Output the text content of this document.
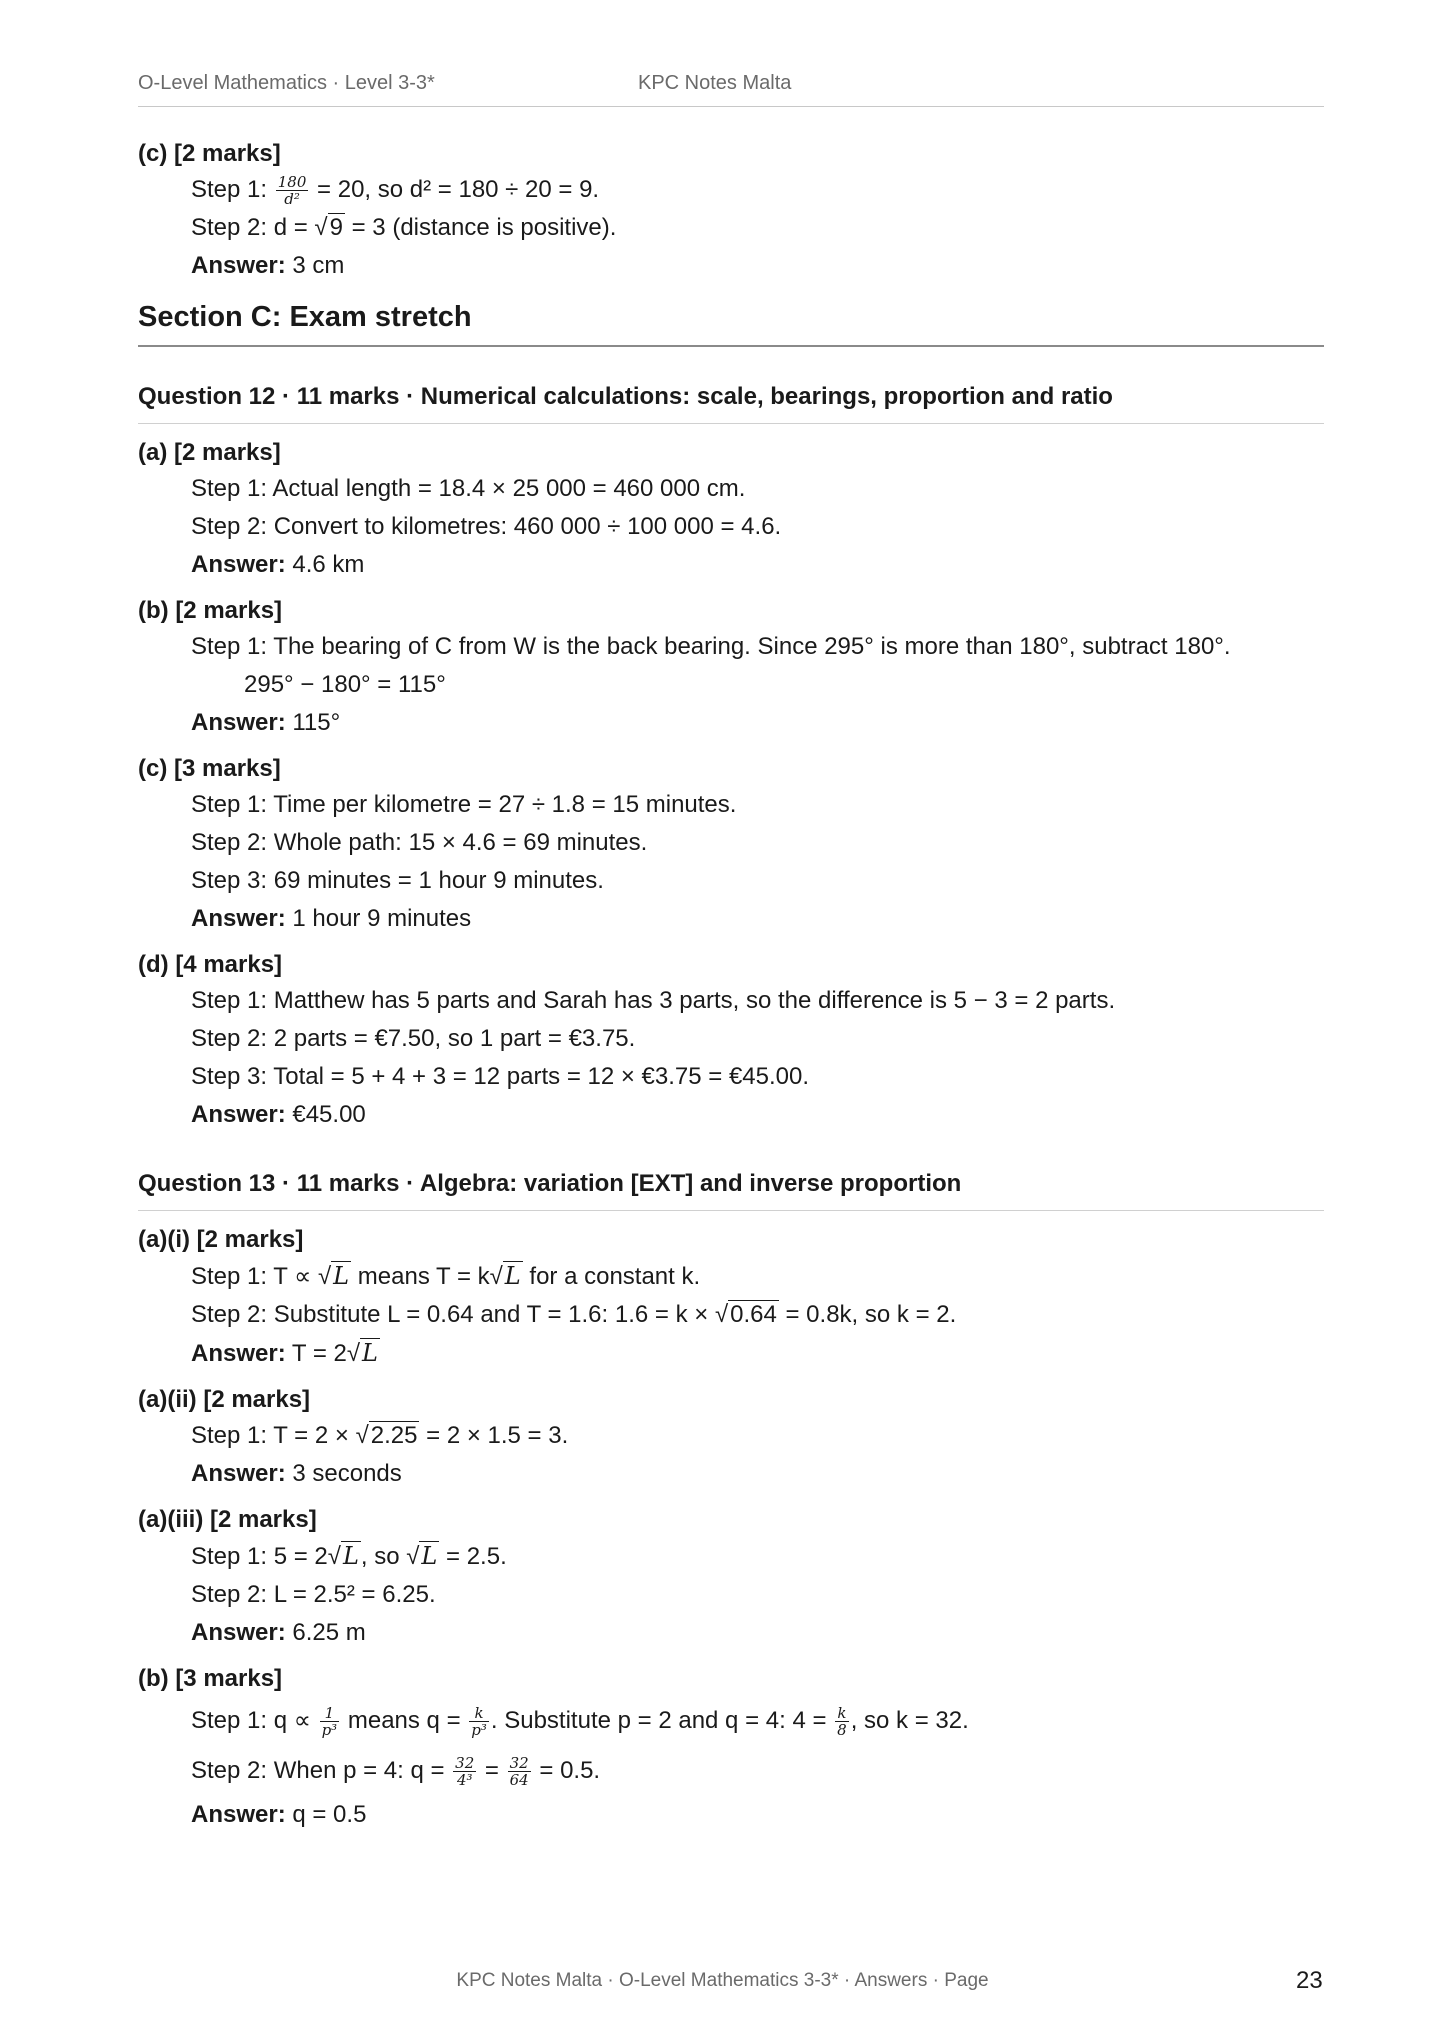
O-Level Mathematics · Level 3-3*	KPC Notes Malta

(c) [2 marks]

Step 1: $\frac{180}{\text{d²}} = 20$, so d² = 180 ÷ 20 = 9.
Step 2: d = √9 = 3 (distance is positive).
Answer: 3 cm
Section C: Exam stretch
Question 12 · 11 marks · Numerical calculations: scale, bearings, proportion and ratio

(a) [2 marks]

Step 1: Actual length = 18.4 × 25 000 = 460 000 cm.
Step 2: Convert to kilometres: 460 000 ÷ 100 000 = 4.6.
Answer: 4.6 km

(b) [2 marks]

Step 1: The bearing of C from W is the back bearing. Since 295° is more than 180°, subtract 180°.
295° − 180° = 115°
Answer: 115°

(c) [3 marks]

Step 1: Time per kilometre = 27 ÷ 1.8 = 15 minutes.
Step 2: Whole path: 15 × 4.6 = 69 minutes.
Step 3: 69 minutes = 1 hour 9 minutes.
Answer: 1 hour 9 minutes

(d) [4 marks]

Step 1: Matthew has 5 parts and Sarah has 3 parts, so the difference is 5 − 3 = 2 parts.
Step 2: 2 parts = €7.50, so 1 part = €3.75.
Step 3: Total = 5 + 4 + 3 = 12 parts = 12 × €3.75 = €45.00.
Answer: €45.00
Question 13 · 11 marks · Algebra: variation [EXT] and inverse proportion

(a)(i) [2 marks]

Step 1: T ∝ √L means T = k√L for a constant k.
Step 2: Substitute L = 0.64 and T = 1.6: 1.6 = k × √0.64 = 0.8k, so k = 2.
Answer: T = 2√L

(a)(ii) [2 marks]

Step 1: T = 2 × √2.25 = 2 × 1.5 = 3.
Answer: 3 seconds

(a)(iii) [2 marks]

Step 1: 5 = 2√L, so √L = 2.5.
Step 2: L = 2.5² = 6.25.
Answer: 6.25 m

(b) [3 marks]

Step 1: $q \propto \frac{1}{\text{p³}}$ means $q = \frac{k}{\text{p³}}$ . Substitute p = 2 and q = 4: $4 = \frac{k}{8}$ , so k = 32.
Step 2: When p = 4: $q = \frac{32}{\text{4³}} = \frac{32}{64} = 0.5$.
Answer: q = 0.5
KPC Notes Malta · O-Level Mathematics 3-3* · Answers · Page	23
